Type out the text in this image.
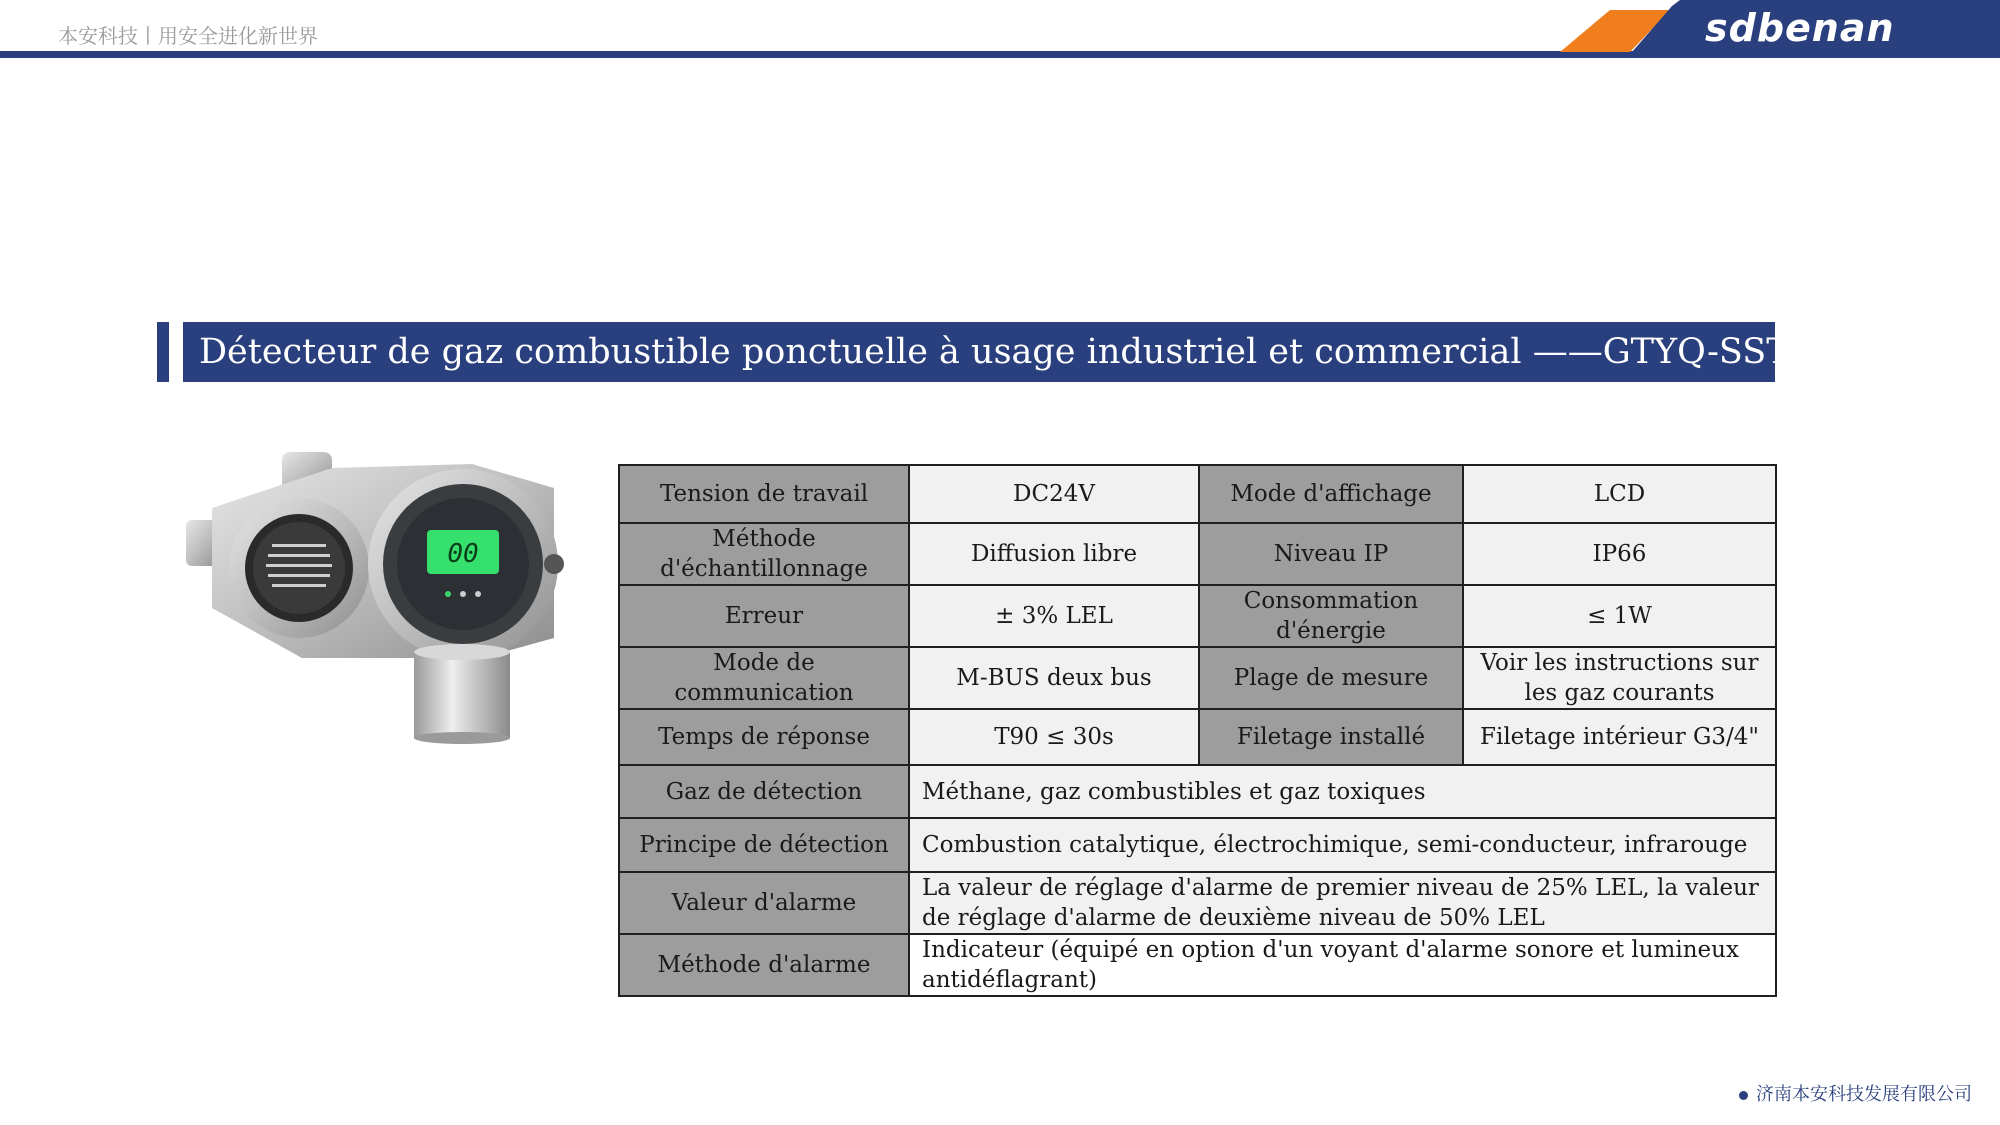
本安科技丨用安全进化新世界	sdbenan
Détecteur de gaz combustible ponctuelle à usage industriel et commercial ——GTYQ-SST607LCD-E
00
Tension de travail	DC24V	Mode d'affichage	LCD
Méthode d'échantillonnage	Diffusion libre	Niveau IP	IP66
Erreur	± 3% LEL	Consommation d'énergie	≤ 1W
Mode de communication	M-BUS deux bus	Plage de mesure	Voir les instructions sur les gaz courants
Temps de réponse	T90 ≤ 30s	Filetage installé	Filetage intérieur G3/4"
Gaz de détection	Méthane, gaz combustibles et gaz toxiques		
Principe de détection	Combustion catalytique, électrochimique, semi-conducteur, infrarouge		
Valeur d'alarme	La valeur de réglage d'alarme de premier niveau de 25% LEL, la valeur de réglage d'alarme de deuxième niveau de 50% LEL		
Méthode d'alarme	Indicateur (équipé en option d'un voyant d'alarme sonore et lumineux antidéflagrant)		
济南本安科技发展有限公司
